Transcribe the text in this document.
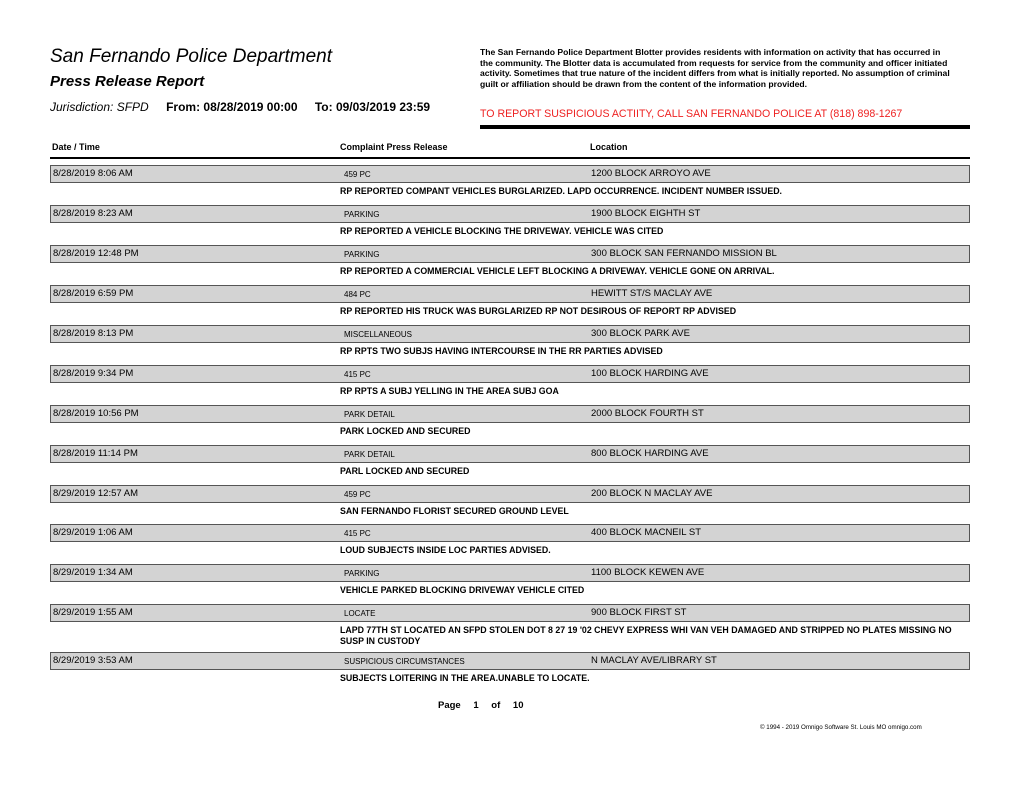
San Fernando Police Department
Press Release Report
Jurisdiction: SFPD From: 08/28/2019 00:00 To: 09/03/2019 23:59
The San Fernando Police Department Blotter provides residents with information on activity that has occurred in the community. The Blotter data is accumulated from requests for service from the community and officer initiated activity. Sometimes that true nature of the incident differs from what is initially reported. No assumption of criminal guilt or affiliation should be drawn from the content of the information provided.
TO REPORT SUSPICIOUS ACTIITY, CALL SAN FERNANDO POLICE AT (818) 898-1267
Date / Time	Complaint Press Release	Location
8/28/2019 8:06 AM	459 PC	1200 BLOCK ARROYO AVE
RP REPORTED COMPANT VEHICLES BURGLARIZED. LAPD OCCURRENCE. INCIDENT NUMBER ISSUED.
8/28/2019 8:23 AM	PARKING	1900 BLOCK EIGHTH ST
RP REPORTED A VEHICLE BLOCKING THE DRIVEWAY. VEHICLE WAS CITED
8/28/2019 12:48 PM	PARKING	300 BLOCK SAN FERNANDO MISSION BL
RP REPORTED A COMMERCIAL VEHICLE LEFT BLOCKING A DRIVEWAY. VEHICLE GONE ON ARRIVAL.
8/28/2019 6:59 PM	484 PC	HEWITT ST/S MACLAY AVE
RP REPORTED HIS TRUCK WAS BURGLARIZED RP NOT DESIROUS OF REPORT RP ADVISED
8/28/2019 8:13 PM	MISCELLANEOUS	300 BLOCK PARK AVE
RP RPTS TWO SUBJS HAVING INTERCOURSE IN THE RR PARTIES ADVISED
8/28/2019 9:34 PM	415 PC	100 BLOCK HARDING AVE
RP RPTS A SUBJ YELLING IN THE AREA SUBJ GOA
8/28/2019 10:56 PM	PARK DETAIL	2000 BLOCK FOURTH ST
PARK LOCKED AND SECURED
8/28/2019 11:14 PM	PARK DETAIL	800 BLOCK HARDING AVE
PARL LOCKED AND SECURED
8/29/2019 12:57 AM	459 PC	200 BLOCK N MACLAY AVE
SAN FERNANDO FLORIST SECURED GROUND LEVEL
8/29/2019 1:06 AM	415 PC	400 BLOCK MACNEIL ST
LOUD SUBJECTS INSIDE LOC PARTIES ADVISED.
8/29/2019 1:34 AM	PARKING	1100 BLOCK KEWEN AVE
VEHICLE PARKED BLOCKING DRIVEWAY VEHICLE CITED
8/29/2019 1:55 AM	LOCATE	900 BLOCK FIRST ST
LAPD 77TH ST LOCATED AN SFPD STOLEN DOT 8 27 19 '02 CHEVY EXPRESS WHI VAN VEH DAMAGED AND STRIPPED NO PLATES MISSING NO SUSP IN CUSTODY
8/29/2019 3:53 AM	SUSPICIOUS CIRCUMSTANCES	N MACLAY AVE/LIBRARY ST
SUBJECTS LOITERING IN THE AREA.UNABLE TO LOCATE.
Page 1 of 10
© 1994 - 2019 Omnigo Software St. Louis MO omnigo.com
